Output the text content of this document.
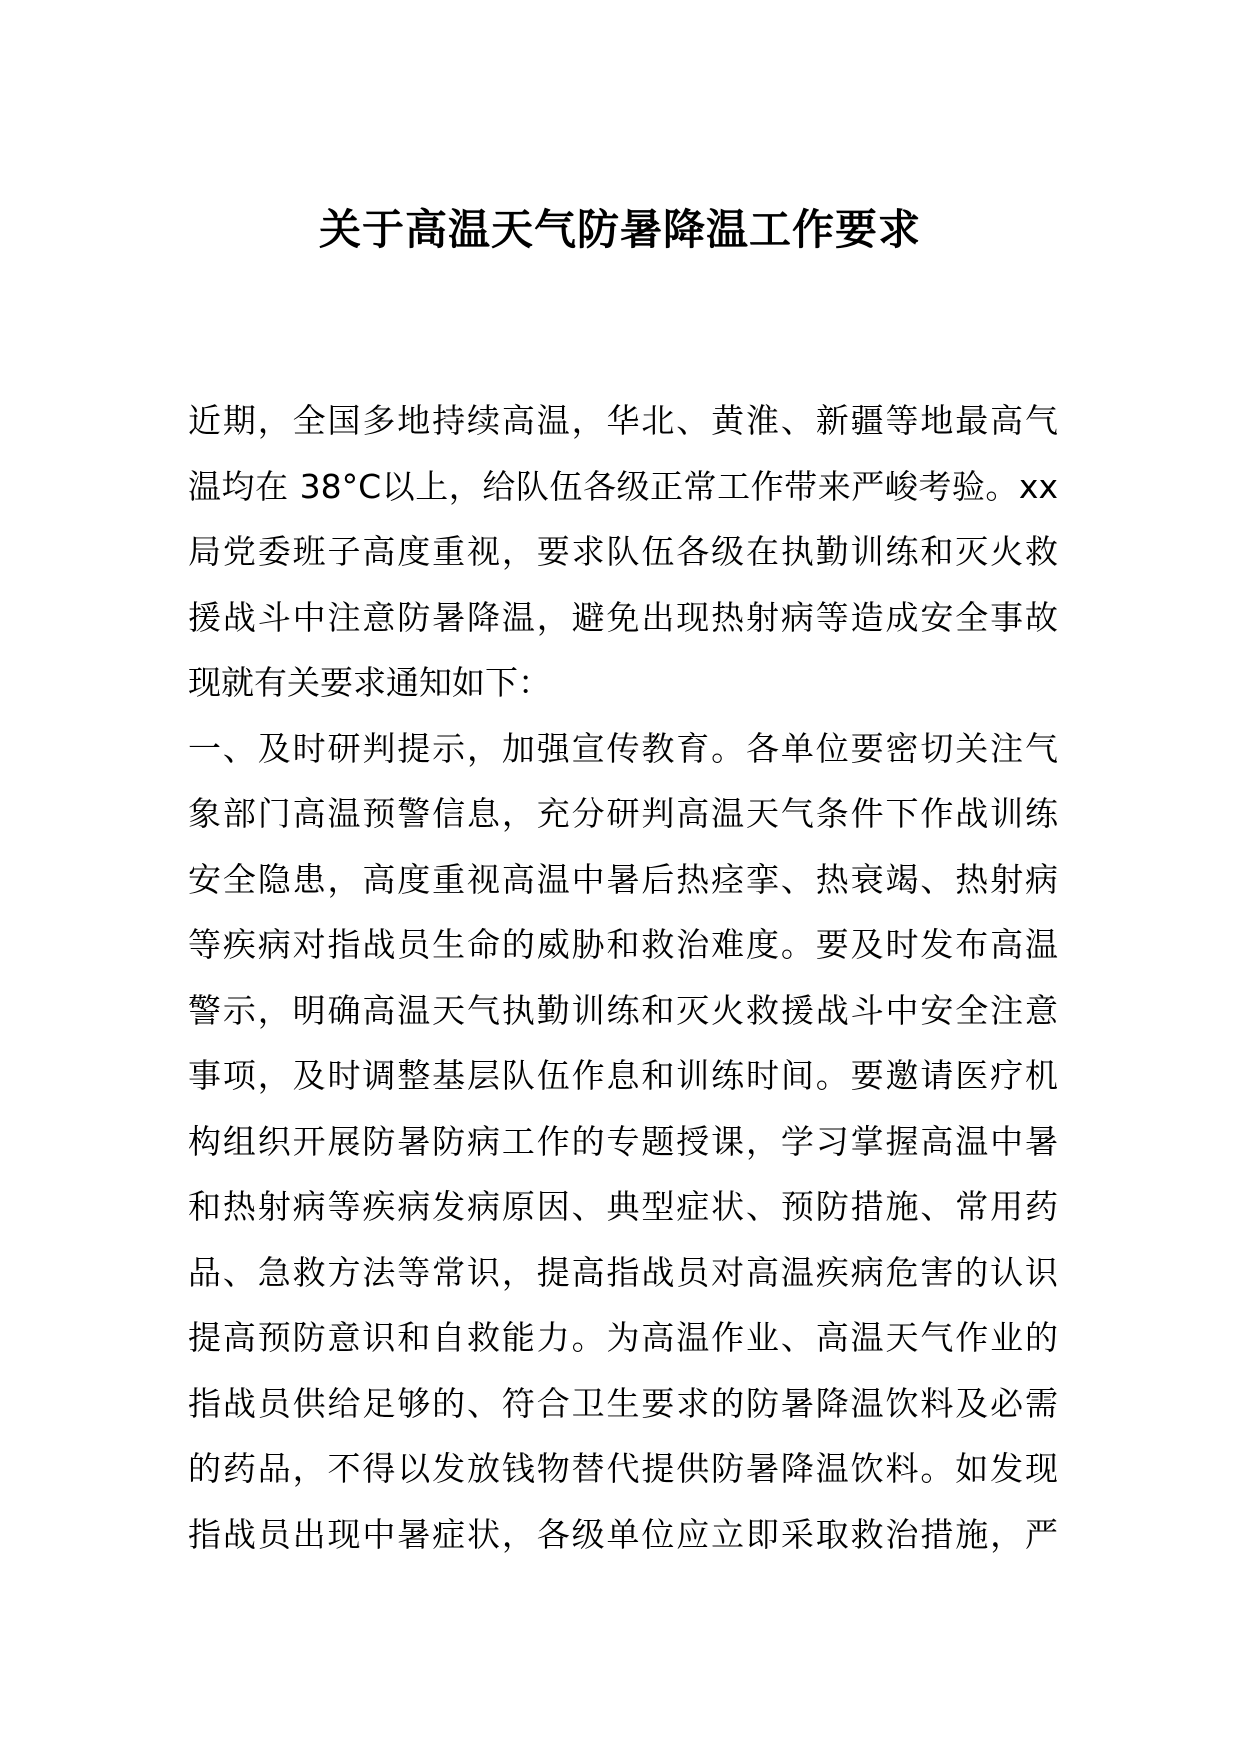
关于高温天气防暑降温工作要求
近期，全国多地持续高温，华北、黄淮、新疆等地最高气
温均在 38°C以上，给队伍各级正常工作带来严峻考验。xx
局党委班子高度重视，要求队伍各级在执勤训练和灭火救
援战斗中注意防暑降温，避免出现热射病等造成安全事故
现就有关要求通知如下：
一、及时研判提示，加强宣传教育。各单位要密切关注气
象部门高温预警信息，充分研判高温天气条件下作战训练
安全隐患，高度重视高温中暑后热痉挛、热衰竭、热射病
等疾病对指战员生命的威胁和救治难度。要及时发布高温
警示，明确高温天气执勤训练和灭火救援战斗中安全注意
事项，及时调整基层队伍作息和训练时间。要邀请医疗机
构组织开展防暑防病工作的专题授课，学习掌握高温中暑
和热射病等疾病发病原因、典型症状、预防措施、常用药
品、急救方法等常识，提高指战员对高温疾病危害的认识
提高预防意识和自救能力。为高温作业、高温天气作业的
指战员供给足够的、符合卫生要求的防暑降温饮料及必需
的药品，不得以发放钱物替代提供防暑降温饮料。如发现
指战员出现中暑症状，各级单位应立即采取救治措施，严
